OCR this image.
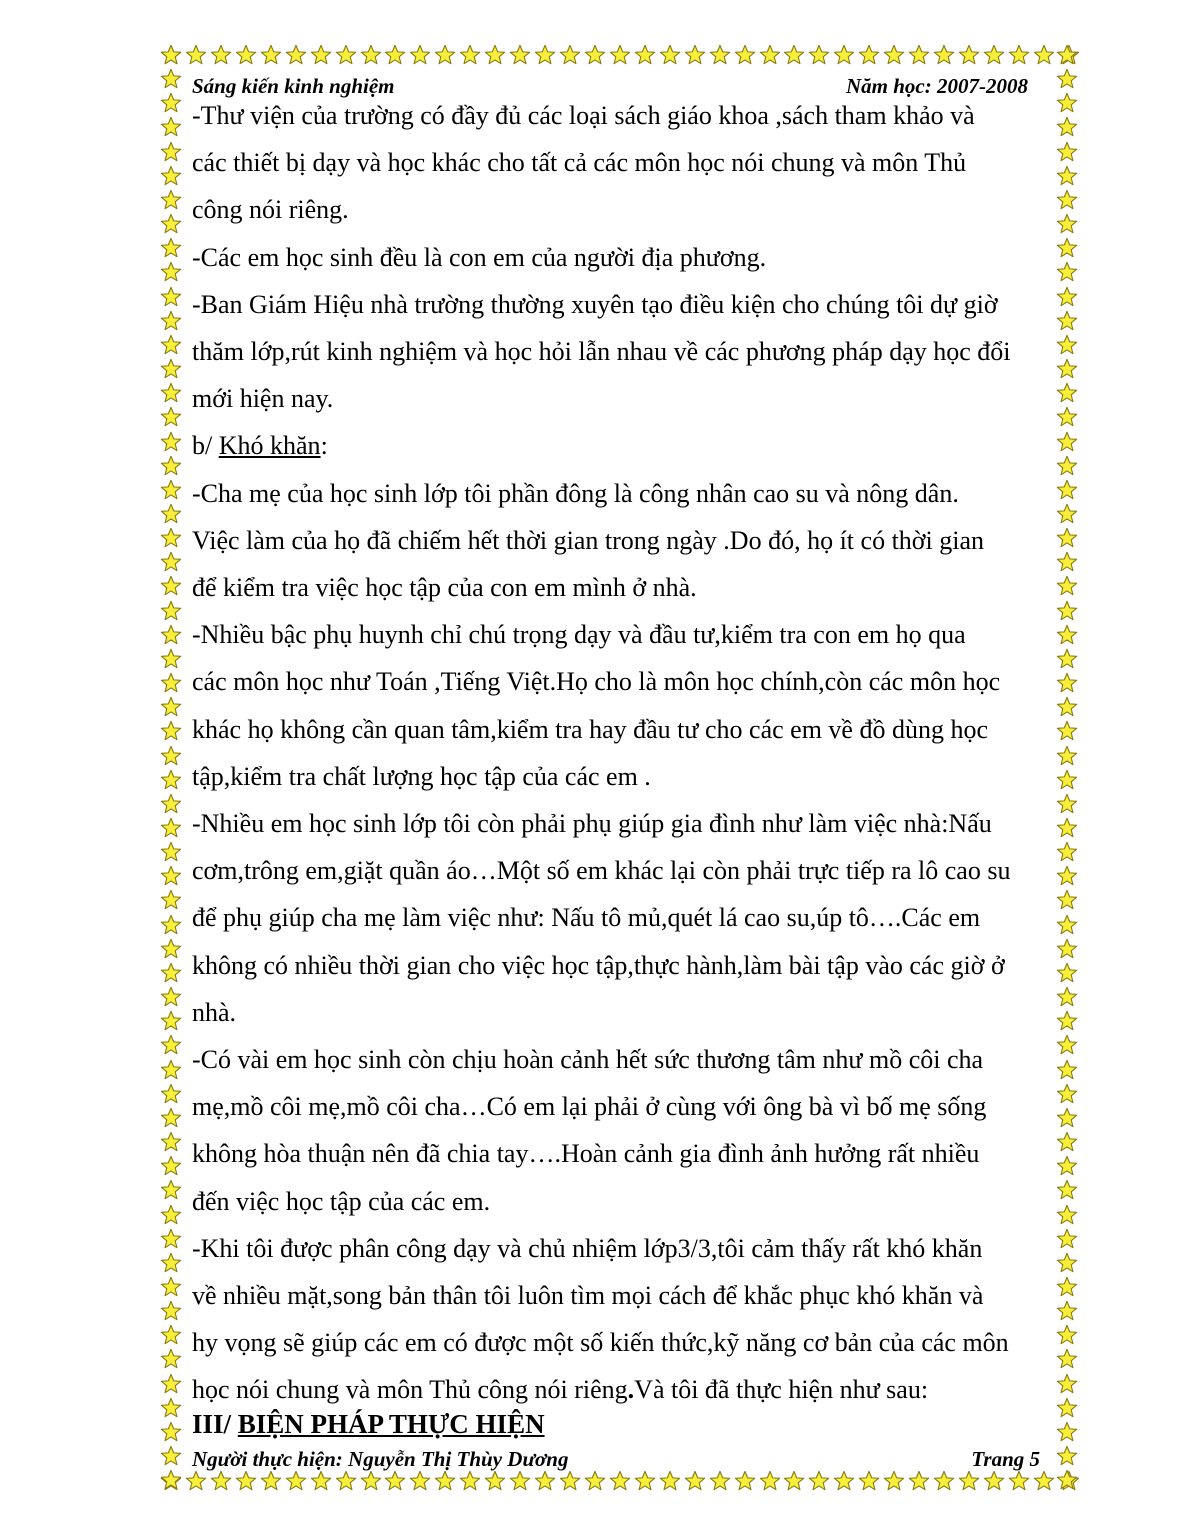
Sáng kiến kinh nghiệm	Năm học: 2007-2008

-Thư viện của trường có đầy đủ các loại sách giáo khoa ,sách tham khảo và

các thiết bị dạy và học khác cho tất cả các môn học nói chung và môn Thủ

công nói riêng.

-Các em học sinh đều là con em của người địa phương.

-Ban Giám Hiệu nhà trường thường xuyên tạo điều kiện cho chúng tôi dự giờ

thăm lớp,rút kinh nghiệm và học hỏi lẫn nhau về các phương pháp dạy học đổi

mới hiện nay.

b/ Khó khăn:

-Cha mẹ của học sinh lớp tôi phần đông là công nhân cao su và nông dân.

Việc làm của họ đã chiếm hết thời gian trong ngày .Do đó, họ ít có thời gian

để kiểm tra việc học tập của con em mình ở nhà.

-Nhiều bậc phụ huynh chỉ chú trọng dạy và đầu tư,kiểm tra con em họ qua

các môn học như Toán ,Tiếng Việt.Họ cho là môn học chính,còn các môn học

khác họ không cần quan tâm,kiểm tra hay đầu tư cho các em về đồ dùng học

tập,kiểm tra chất lượng học tập của các em .

-Nhiều em học sinh lớp tôi còn phải phụ giúp gia đình như làm việc nhà:Nấu

cơm,trông em,giặt quần áo…Một số em khác lại còn phải trực tiếp ra lô cao su

để phụ giúp cha mẹ làm việc như: Nấu tô mủ,quét lá cao su,úp tô….Các em

không có nhiều thời gian cho việc học tập,thực hành,làm bài tập vào các giờ ở

nhà.

-Có vài em học sinh còn chịu hoàn cảnh hết sức thương tâm như mồ côi cha

mẹ,mồ côi mẹ,mồ côi cha…Có em lại phải ở cùng với ông bà vì bố mẹ sống

không hòa thuận nên đã chia tay….Hoàn cảnh gia đình ảnh hưởng rất nhiều

đến việc học tập của các em.

-Khi tôi được phân công dạy và chủ nhiệm lớp3/3,tôi cảm thấy rất khó khăn

về nhiều mặt,song bản thân tôi luôn tìm mọi cách để khắc phục khó khăn và

hy vọng sẽ giúp các em có được một số kiến thức,kỹ năng cơ bản của các môn

học nói chung và môn Thủ công nói riêng.Và tôi đã thực hiện như sau:

III/ BIỆN PHÁP THỰC HIỆN
Người thực hiện: Nguyễn Thị Thùy Dương	Trang 5
